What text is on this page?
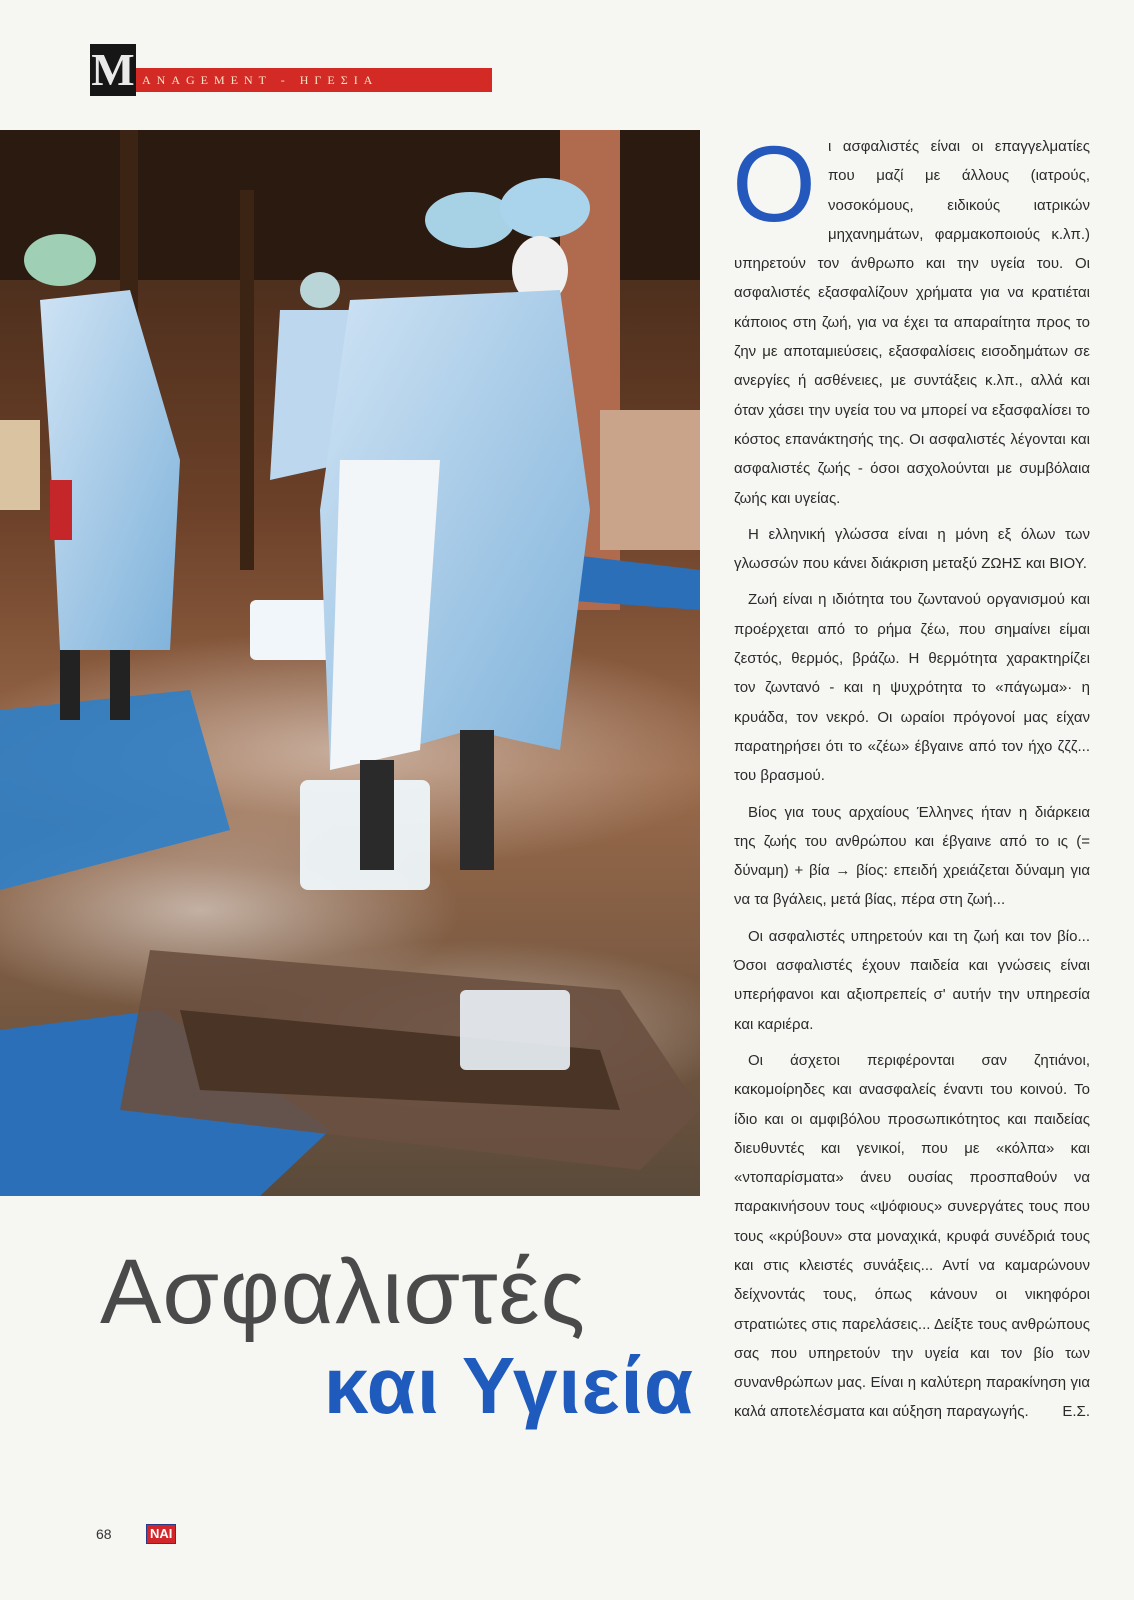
M ANAGEMENT - ΗΓΕΣΙΑ
Ασφαλιστές
και Υγιεία

Οι ασφαλιστές είναι οι επαγγελματίες που μαζί με άλλους (ιατρούς, νοσοκόμους, ειδικούς ιατρικών μηχανημάτων, φαρμακοποιούς κ.λπ.) υπηρετούν τον άνθρωπο και την υγεία του. Οι ασφαλιστές εξασφαλίζουν χρήματα για να κρατιέται κάποιος στη ζωή, για να έχει τα απαραίτητα προς το ζην με αποταμιεύσεις, εξασφαλίσεις εισοδημάτων σε ανεργίες ή ασθένειες, με συντάξεις κ.λπ., αλλά και όταν χάσει την υγεία του να μπορεί να εξασφαλίσει το κόστος επανάκτησής της. Οι ασφαλιστές λέγονται και ασφαλιστές ζωής - όσοι ασχολούνται με συμβόλαια ζωής και υγείας.

Η ελληνική γλώσσα είναι η μόνη εξ όλων των γλωσσών που κάνει διάκριση μεταξύ ΖΩΗΣ και ΒΙΟΥ.

Ζωή είναι η ιδιότητα του ζωντανού οργανισμού και προέρχεται από το ρήμα ζέω, που σημαίνει είμαι ζεστός, θερμός, βράζω. Η θερμότητα χαρακτηρίζει τον ζωντανό - και η ψυχρότητα το «πάγωμα»· η κρυάδα, τον νεκρό. Οι ωραίοι πρόγονοί μας είχαν παρατηρήσει ότι το «ζέω» έβγαινε από τον ήχο ζζζ... του βρασμού.

Βίος για τους αρχαίους Έλληνες ήταν η διάρκεια της ζωής του ανθρώπου και έβγαινε από το ις (= δύναμη) + βία → βίος: επειδή χρειάζεται δύναμη για να τα βγάλεις, μετά βίας, πέρα στη ζωή...

Οι ασφαλιστές υπηρετούν και τη ζωή και τον βίο... Όσοι ασφαλιστές έχουν παιδεία και γνώσεις είναι υπερήφανοι και αξιοπρεπείς σ' αυτήν την υπηρεσία και καριέρα.

Οι άσχετοι περιφέρονται σαν ζητιάνοι, κακομοίρηδες και ανασφαλείς έναντι του κοινού. Το ίδιο και οι αμφιβόλου προσωπικότητος και παιδείας διευθυντές και γενικοί, που με «κόλπα» και «ντοπαρίσματα» άνευ ουσίας προσπαθούν να παρακινήσουν τους «ψόφιους» συνεργάτες τους που τους «κρύβουν» στα μοναχικά, κρυφά συνέδριά τους και στις κλειστές συνάξεις... Αντί να καμαρώνουν δείχνοντάς τους, όπως κάνουν οι νικηφόροι στρατιώτες στις παρελάσεις... Δείξτε τους ανθρώπους σας που υπηρετούν την υγεία και τον βίο των συνανθρώπων μας. Είναι η καλύτερη παρακίνηση για καλά αποτελέσματα και αύξηση παραγωγής.	Ε.Σ.

68	ΝΑΙ
